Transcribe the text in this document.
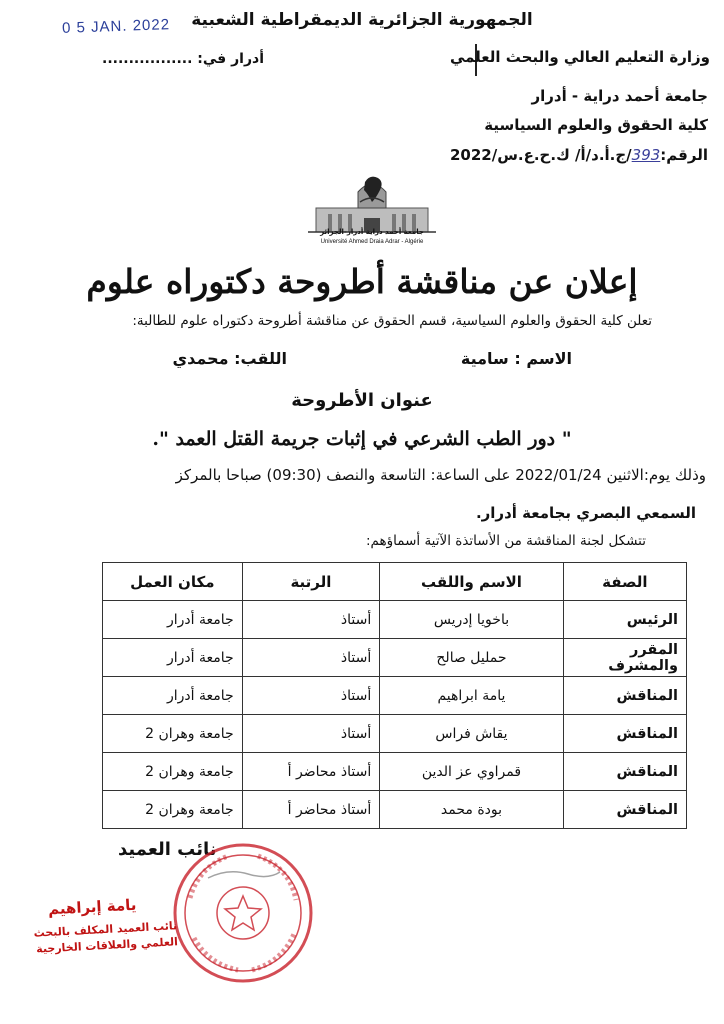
0 5 JAN. 2022	الجمهورية الجزائرية الديمقراطية الشعبية
وزارة التعليم العالي والبحث العلمي
أدرار في: .................
جامعة أحمد دراية - أدرار
كلية الحقوق والعلوم السياسية
الرقم:393/ج.أ.د/أ/ ك.ح.ع.س/2022
جامعة أحمد دراية أدرار-الجزائر
Université Ahmed Draia Adrar - Algérie
إعلان عن مناقشة أطروحة دكتوراه علوم
تعلن كلية الحقوق والعلوم السياسية، قسم الحقوق عن مناقشة أطروحة دكتوراه علوم للطالبة:
الاسم : سامية
اللقب: محمدي
عنوان الأطروحة
" دور الطب الشرعي في إثبات جريمة القتل العمد ".
وذلك يوم:الاثنين 2022/01/24 على الساعة: التاسعة والنصف (09:30) صباحا بالمركز
السمعي البصري بجامعة أدرار.
تتشكل لجنة المناقشة من الأساتذة الآتية أسماؤهم:
الصفة	الاسم واللقب	الرتبة	مكان العمل
الرئيس	باخويا إدريس	أستاذ	جامعة أدرار
المقرر والمشرف	حمليل صالح	أستاذ	جامعة أدرار
المناقش	يامة ابراهيم	أستاذ	جامعة أدرار
المناقش	يقاش فراس	أستاذ	جامعة وهران 2
المناقش	قمراوي عز الدين	أستاذ محاضر أ	جامعة وهران 2
المناقش	بودة محمد	أستاذ محاضر أ	جامعة وهران 2
نائب العميد
يامة إبراهيم
نائب العميد المكلف بالبحث
العلمي والعلاقات الخارجية
